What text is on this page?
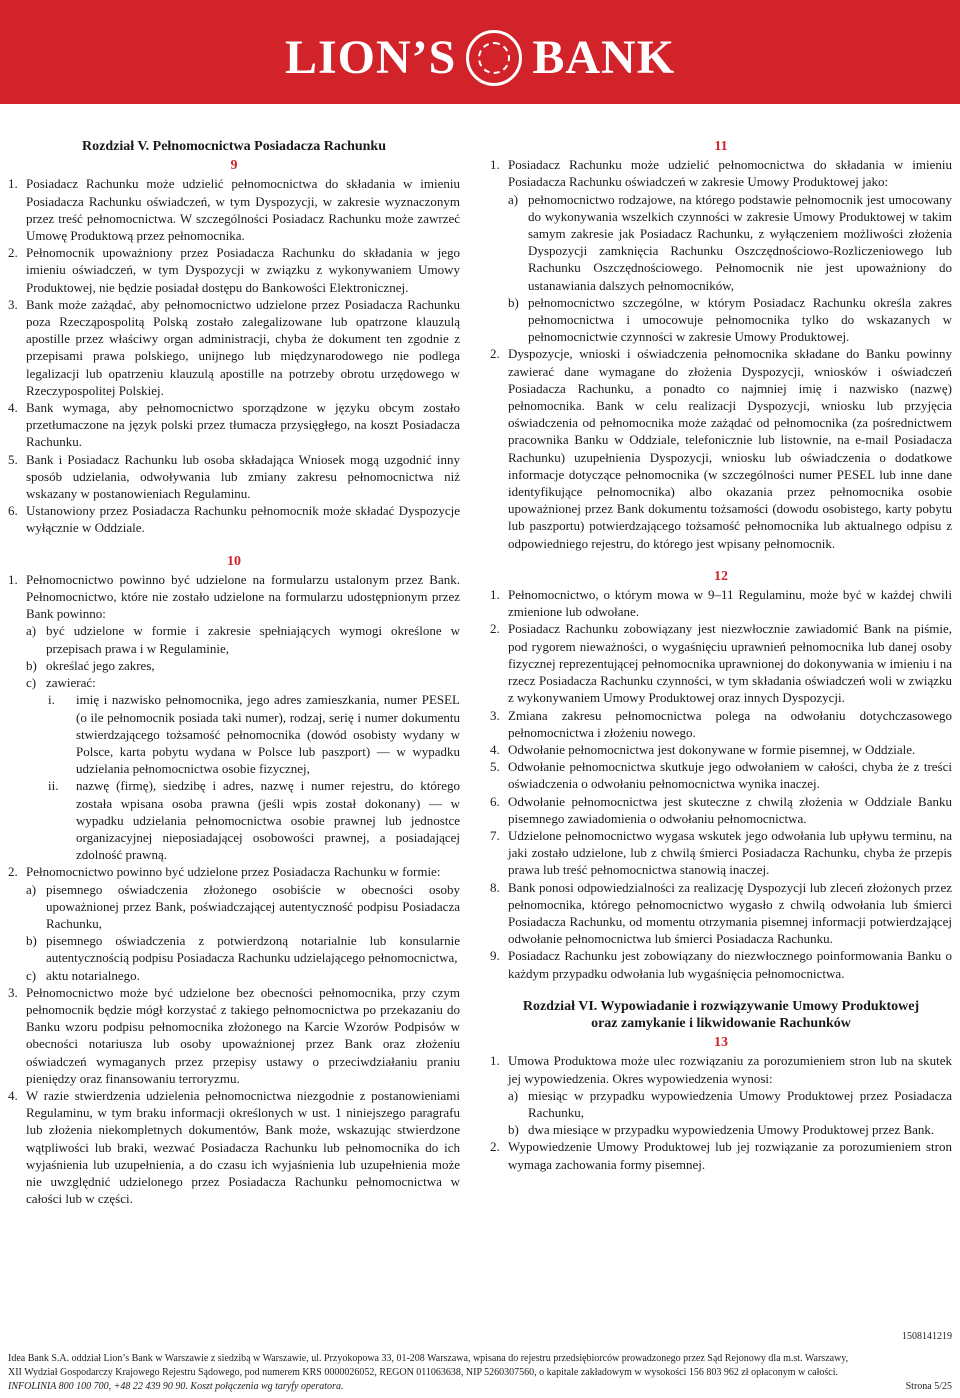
LION’S BANK

Rozdział V. Pełnomocnictwa Posiadacza Rachunku

9

1. Posiadacz Rachunku może udzielić pełnomocnictwa do składania w imieniu Posiadacza Rachunku oświadczeń, w tym Dyspozycji, w zakresie wyznaczonym przez treść pełnomocnictwa. W szczególności Posiadacz Rachunku może zawrzeć Umowę Produktową przez pełnomocnika.
2. Pełnomocnik upoważniony przez Posiadacza Rachunku do składania w jego imieniu oświadczeń, w tym Dyspozycji w związku z wykonywaniem Umowy Produktowej, nie będzie posiadał dostępu do Bankowości Elektronicznej.
3. Bank może zażądać, aby pełnomocnictwo udzielone przez Posiadacza Rachunku poza Rzecząpospolitą Polską zostało zalegalizowane lub opatrzone klauzulą apostille przez właściwy organ administracji, chyba że dokument ten zgodnie z przepisami prawa polskiego, unijnego lub międzynarodowego nie podlega legalizacji lub opatrzeniu klauzulą apostille na potrzeby obrotu urzędowego w Rzeczypospolitej Polskiej.
4. Bank wymaga, aby pełnomocnictwo sporządzone w języku obcym zostało przetłumaczone na język polski przez tłumacza przysięgłego, na koszt Posiadacza Rachunku.
5. Bank i Posiadacz Rachunku lub osoba składająca Wniosek mogą uzgodnić inny sposób udzielania, odwoływania lub zmiany zakresu pełnomocnictwa niż wskazany w postanowieniach Regulaminu.
6. Ustanowiony przez Posiadacza Rachunku pełnomocnik może składać Dyspozycje wyłącznie w Oddziale.

10

1. Pełnomocnictwo powinno być udzielone na formularzu ustalonym przez Bank. Pełnomocnictwo, które nie zostało udzielone na formularzu udostępnionym przez Bank powinno:
a) być udzielone w formie i zakresie spełniających wymogi określone w przepisach prawa i w Regulaminie,
b) określać jego zakres,
c) zawierać:
i.	imię i nazwisko pełnomocnika, jego adres zamieszkania, numer PESEL (o ile pełnomocnik posiada taki numer), rodzaj, serię i numer dokumentu stwierdzającego tożsamość pełnomocnika (dowód osobisty wydany w Polsce, karta pobytu wydana w Polsce lub paszport) — w wypadku udzielania pełnomocnictwa osobie fizycznej,
ii.	nazwę (firmę), siedzibę i adres, nazwę i numer rejestru, do którego została wpisana osoba prawna (jeśli wpis został dokonany) — w wypadku udzielania pełnomocnictwa osobie prawnej lub jednostce organizacyjnej nieposiadającej osobowości prawnej, a posiadającej zdolność prawną.
2. Pełnomocnictwo powinno być udzielone przez Posiadacza Rachunku w formie:
a) pisemnego oświadczenia złożonego osobiście w obecności osoby upoważnionej przez Bank, poświadczającej autentyczność podpisu Posiadacza Rachunku,
b) pisemnego oświadczenia z potwierdzoną notarialnie lub konsularnie autentycznością podpisu Posiadacza Rachunku udzielającego pełnomocnictwa,
c) aktu notarialnego.
3. Pełnomocnictwo może być udzielone bez obecności pełnomocnika, przy czym pełnomocnik będzie mógł korzystać z takiego pełnomocnictwa po przekazaniu do Banku wzoru podpisu pełnomocnika złożonego na Karcie Wzorów Podpisów w obecności notariusza lub osoby upoważnionej przez Bank oraz złożeniu oświadczeń wymaganych przez przepisy ustawy o przeciwdziałaniu praniu pieniędzy oraz finansowaniu terroryzmu.
4. W razie stwierdzenia udzielenia pełnomocnictwa niezgodnie z postanowieniami Regulaminu, w tym braku informacji określonych w ust. 1 niniejszego paragrafu lub złożenia niekompletnych dokumentów, Bank może, wskazując stwierdzone wątpliwości lub braki, wezwać Posiadacza Rachunku lub pełnomocnika do ich wyjaśnienia lub uzupełnienia, a do czasu ich wyjaśnienia lub uzupełnienia może nie uwzględnić udzielonego przez Posiadacza Rachunku pełnomocnictwa w całości lub w części.

11

1. Posiadacz Rachunku może udzielić pełnomocnictwa do składania w imieniu Posiadacza Rachunku oświadczeń w zakresie Umowy Produktowej jako:
a) pełnomocnictwo rodzajowe, na którego podstawie pełnomocnik jest umocowany do wykonywania wszelkich czynności w zakresie Umowy Produktowej w takim samym zakresie jak Posiadacz Rachunku, z wyłączeniem możliwości złożenia Dyspozycji zamknięcia Rachunku Oszczędnościowo-Rozliczeniowego lub Rachunku Oszczędnościowego. Pełnomocnik nie jest upoważniony do ustanawiania dalszych pełnomocników,
b) pełnomocnictwo szczególne, w którym Posiadacz Rachunku określa zakres pełnomocnictwa i umocowuje pełnomocnika tylko do wskazanych w pełnomocnictwie czynności w zakresie Umowy Produktowej.
2. Dyspozycje, wnioski i oświadczenia pełnomocnika składane do Banku powinny zawierać dane wymagane do złożenia Dyspozycji, wniosków i oświadczeń Posiadacza Rachunku, a ponadto co najmniej imię i nazwisko (nazwę) pełnomocnika. Bank w celu realizacji Dyspozycji, wniosku lub przyjęcia oświadczenia od pełnomocnika może zażądać od pełnomocnika (za pośrednictwem pracownika Banku w Oddziale, telefonicznie lub listownie, na e-mail Posiadacza Rachunku) uzupełnienia Dyspozycji, wniosku lub oświadczenia o dodatkowe informacje dotyczące pełnomocnika (w szczególności numer PESEL lub inne dane identyfikujące pełnomocnika) albo okazania przez pełnomocnika osobie upoważnionej przez Bank dokumentu tożsamości (dowodu osobistego, karty pobytu lub paszportu) potwierdzającego tożsamość pełnomocnika lub aktualnego odpisu z odpowiedniego rejestru, do którego jest wpisany pełnomocnik.

12

1. Pełnomocnictwo, o którym mowa w 9–11 Regulaminu, może być w każdej chwili zmienione lub odwołane.
2. Posiadacz Rachunku zobowiązany jest niezwłocznie zawiadomić Bank na piśmie, pod rygorem nieważności, o wygaśnięciu uprawnień pełnomocnika lub danej osoby fizycznej reprezentującej pełnomocnika uprawnionej do dokonywania w imieniu i na rzecz Posiadacza Rachunku czynności, w tym składania oświadczeń woli w związku z wykonywaniem Umowy Produktowej oraz innych Dyspozycji.
3. Zmiana zakresu pełnomocnictwa polega na odwołaniu dotychczasowego pełnomocnictwa i złożeniu nowego.
4. Odwołanie pełnomocnictwa jest dokonywane w formie pisemnej, w Oddziale.
5. Odwołanie pełnomocnictwa skutkuje jego odwołaniem w całości, chyba że z treści oświadczenia o odwołaniu pełnomocnictwa wynika inaczej.
6. Odwołanie pełnomocnictwa jest skuteczne z chwilą złożenia w Oddziale Banku pisemnego zawiadomienia o odwołaniu pełnomocnictwa.
7. Udzielone pełnomocnictwo wygasa wskutek jego odwołania lub upływu terminu, na jaki zostało udzielone, lub z chwilą śmierci Posiadacza Rachunku, chyba że przepis prawa lub treść pełnomocnictwa stanowią inaczej.
8. Bank ponosi odpowiedzialności za realizację Dyspozycji lub zleceń złożonych przez pełnomocnika, którego pełnomocnictwo wygasło z chwilą odwołania lub śmierci Posiadacza Rachunku, od momentu otrzymania pisemnej informacji potwierdzającej odwołanie pełnomocnictwa lub śmierci Posiadacza Rachunku.
9. Posiadacz Rachunku jest zobowiązany do niezwłocznego poinformowania Banku o każdym przypadku odwołania lub wygaśnięcia pełnomocnictwa.

Rozdział VI. Wypowiadanie i rozwiązywanie Umowy Produktowej
oraz zamykanie i likwidowanie Rachunków

13

1. Umowa Produktowa może ulec rozwiązaniu za porozumieniem stron lub na skutek jej wypowiedzenia. Okres wypowiedzenia wynosi:
a) miesiąc w przypadku wypowiedzenia Umowy Produktowej przez Posiadacza Rachunku,
b) dwa miesiące w przypadku wypowiedzenia Umowy Produktowej przez Bank.
2. Wypowiedzenie Umowy Produktowej lub jej rozwiązanie za porozumieniem stron wymaga zachowania formy pisemnej.
1508141219
Idea Bank S.A. oddział Lion’s Bank w Warszawie z siedzibą w Warszawie, ul. Przyokopowa 33, 01-208 Warszawa, wpisana do rejestru przedsiębiorców prowadzonego przez Sąd Rejonowy dla m.st. Warszawy,
XII Wydział Gospodarczy Krajowego Rejestru Sądowego, pod numerem KRS 0000026052, REGON 011063638, NIP 5260307560, o kapitale zakładowym w wysokości 156 803 962 zł opłaconym w całości.
INFOLINIA 800 100 700, +48 22 439 90 90. Koszt połączenia wg taryfy operatora.	Strona 5/25
